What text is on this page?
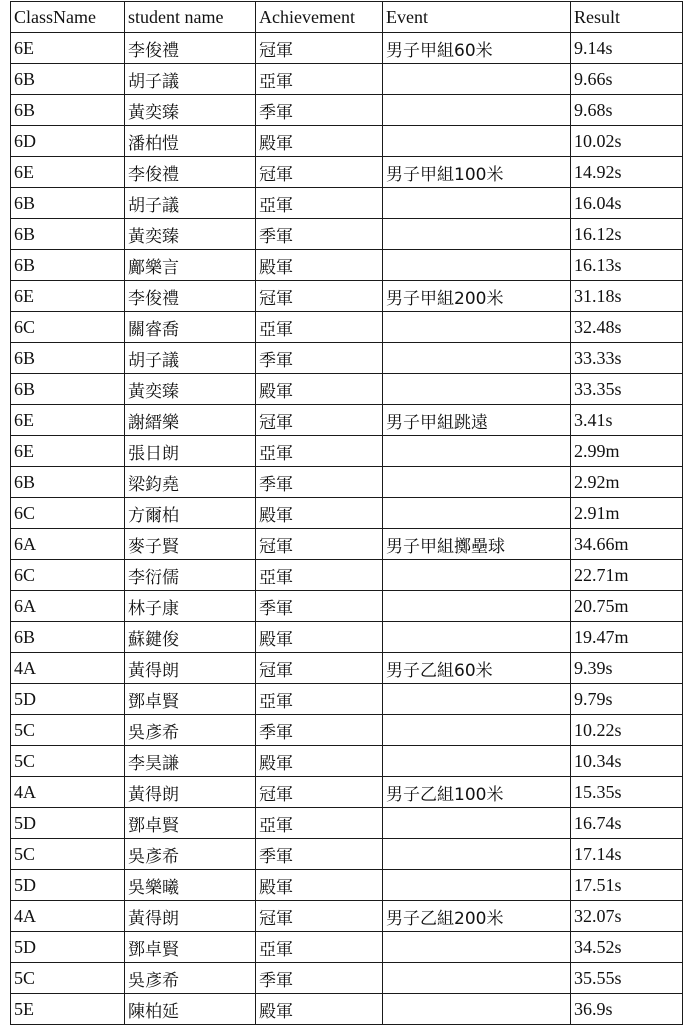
ClassName	student name	Achievement	Event	Result
6E	李俊禮	冠軍	男子甲組60米	9.14s
6B	胡子議	亞軍		9.66s
6B	黃奕臻	季軍		9.68s
6D	潘柏愷	殿軍		10.02s
6E	李俊禮	冠軍	男子甲組100米	14.92s
6B	胡子議	亞軍		16.04s
6B	黃奕臻	季軍		16.12s
6B	鄺樂言	殿軍		16.13s
6E	李俊禮	冠軍	男子甲組200米	31.18s
6C	關睿喬	亞軍		32.48s
6B	胡子議	季軍		33.33s
6B	黃奕臻	殿軍		33.35s
6E	謝縉樂	冠軍	男子甲組跳遠	3.41s
6E	張日朗	亞軍		2.99m
6B	梁鈞堯	季軍		2.92m
6C	方爾柏	殿軍		2.91m
6A	麥子賢	冠軍	男子甲組擲壘球	34.66m
6C	李衍儒	亞軍		22.71m
6A	林子康	季軍		20.75m
6B	蘇鍵俊	殿軍		19.47m
4A	黃得朗	冠軍	男子乙組60米	9.39s
5D	鄧卓賢	亞軍		9.79s
5C	吳彥希	季軍		10.22s
5C	李昊謙	殿軍		10.34s
4A	黃得朗	冠軍	男子乙組100米	15.35s
5D	鄧卓賢	亞軍		16.74s
5C	吳彥希	季軍		17.14s
5D	吳樂曦	殿軍		17.51s
4A	黃得朗	冠軍	男子乙組200米	32.07s
5D	鄧卓賢	亞軍		34.52s
5C	吳彥希	季軍		35.55s
5E	陳柏延	殿軍		36.9s
